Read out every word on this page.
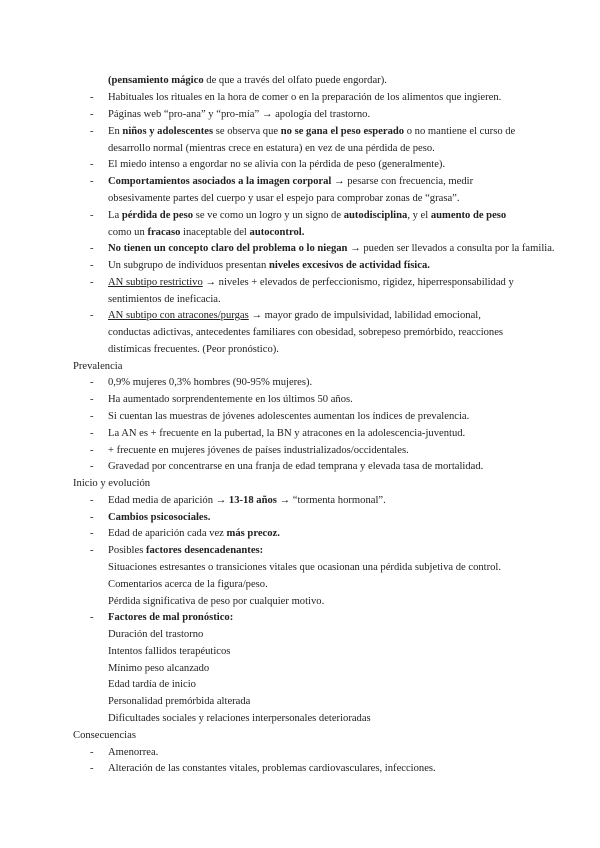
(pensamiento mágico de que a través del olfato puede engordar).
- Habituales los rituales en la hora de comer o en la preparación de los alimentos que ingieren.
- Páginas web “pro-ana” y “pro-mía” → apología del trastorno.
- En niños y adolescentes se observa que no se gana el peso esperado o no mantiene el curso de
desarrollo normal (mientras crece en estatura) en vez de una pérdida de peso.
- El miedo intenso a engordar no se alivia con la pérdida de peso (generalmente).
- Comportamientos asociados a la imagen corporal → pesarse con frecuencia, medir
obsesivamente partes del cuerpo y usar el espejo para comprobar zonas de “grasa”.
- La pérdida de peso se ve como un logro y un signo de autodisciplina, y el aumento de peso
como un fracaso inaceptable del autocontrol.
- No tienen un concepto claro del problema o lo niegan → pueden ser llevados a consulta por la familia.
- Un subgrupo de individuos presentan niveles excesivos de actividad física.
- AN subtipo restrictivo → niveles + elevados de perfeccionismo, rigidez, hiperresponsabilidad y
sentimientos de ineficacia.
- AN subtipo con atracones/purgas → mayor grado de impulsividad, labilidad emocional,
conductas adictivas, antecedentes familiares con obesidad, sobrepeso premórbido, reacciones
distímicas frecuentes. (Peor pronóstico).
Prevalencia
- 0,9% mujeres 0,3% hombres (90-95% mujeres).
- Ha aumentado sorprendentemente en los últimos 50 años.
- Si cuentan las muestras de jóvenes adolescentes aumentan los índices de prevalencia.
- La AN es + frecuente en la pubertad, la BN y atracones en la adolescencia-juventud.
- + frecuente en mujeres jóvenes de países industrializados/occidentales.
- Gravedad por concentrarse en una franja de edad temprana y elevada tasa de mortalidad.
Inicio y evolución
- Edad media de aparición → 13-18 años → “tormenta hormonal”.
- Cambios psicosociales.
- Edad de aparición cada vez más precoz.
- Posibles factores desencadenantes:
Situaciones estresantes o transiciones vitales que ocasionan una pérdida subjetiva de control.
Comentarios acerca de la figura/peso.
Pérdida significativa de peso por cualquier motivo.
- Factores de mal pronóstico:
Duración del trastorno
Intentos fallidos terapéuticos
Mínimo peso alcanzado
Edad tardía de inicio
Personalidad premórbida alterada
Dificultades sociales y relaciones interpersonales deterioradas
Consecuencias
- Amenorrea.
- Alteración de las constantes vitales, problemas cardiovasculares, infecciones.
